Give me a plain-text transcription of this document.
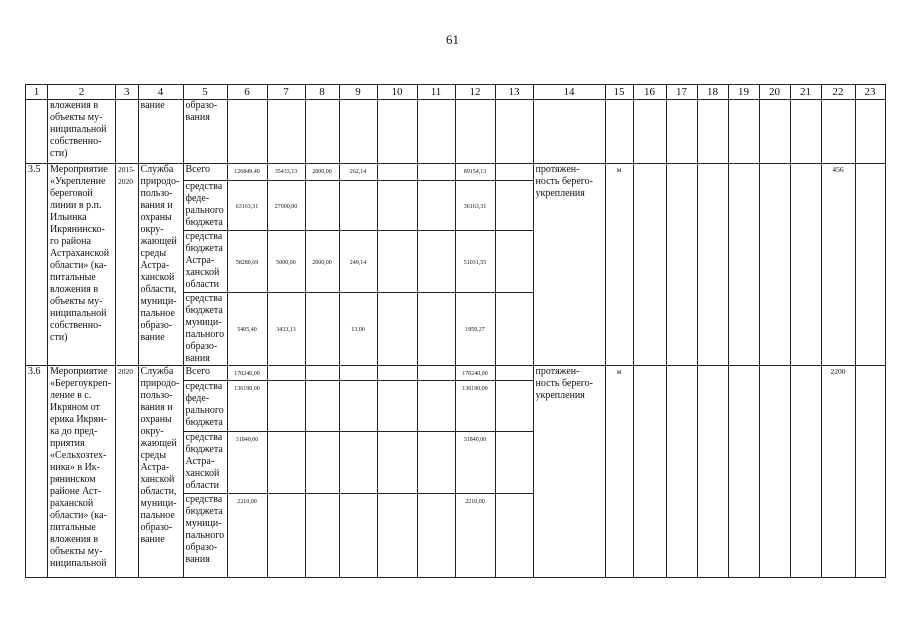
61
1	2	3	4	5	6	7	8	9	10	11	12	13	14	15	16	17	18	19	20	21	22	23
	вложения в объекты му-ниципальной собственно-сти)		вание	образо-вания																		
3.5	Мероприятие «Укрепление береговой линии в р.п. Ильинка Икрянинско-го района Астраханской области» (ка-питальные вложения в объекты му-ниципальной собственно-сти)	2015-2020	Служба природо-пользо-вания и охраны окру-жающей среды Астра-ханской области, муници-пальное образо-вание	Всего	126849,40	35433,13	2000,00	262,14			89154,13		протяжен-ность берего-укрепления	м							456	
				средства феде-рального бюджета	63163,31	27000,00					36163,31											
				средства бюджета Астра-ханской области	58280,69	5000,00	2000,00	249,14			51031,55											
				средства бюджета муници-пального образо-вания	5405,40	3433,13		13,00			1959,27											
3.6	Мероприятие «Берегоукреп-ление в с. Икряном от ерика Икрян-ка до пред-приятия «Сельхозтех-ника» в Ик-рянинском районе Аст-раханской области» (ка-питальные вложения в объекты му-ниципальной	2020	Служба природо-пользо-вания и охраны окру-жающей среды Астра-ханской области, муници-пальное образо-вание	Всего	170240,00						170240,00		протяжен-ность берего-укрепления	м							2200	
				средства феде-рального бюджета	136190,00						136190,00											
				средства бюджета Астра-ханской области	31840,00						31840,00											
				средства бюджета муници-пального образо-вания	2210,00						2210,00											
